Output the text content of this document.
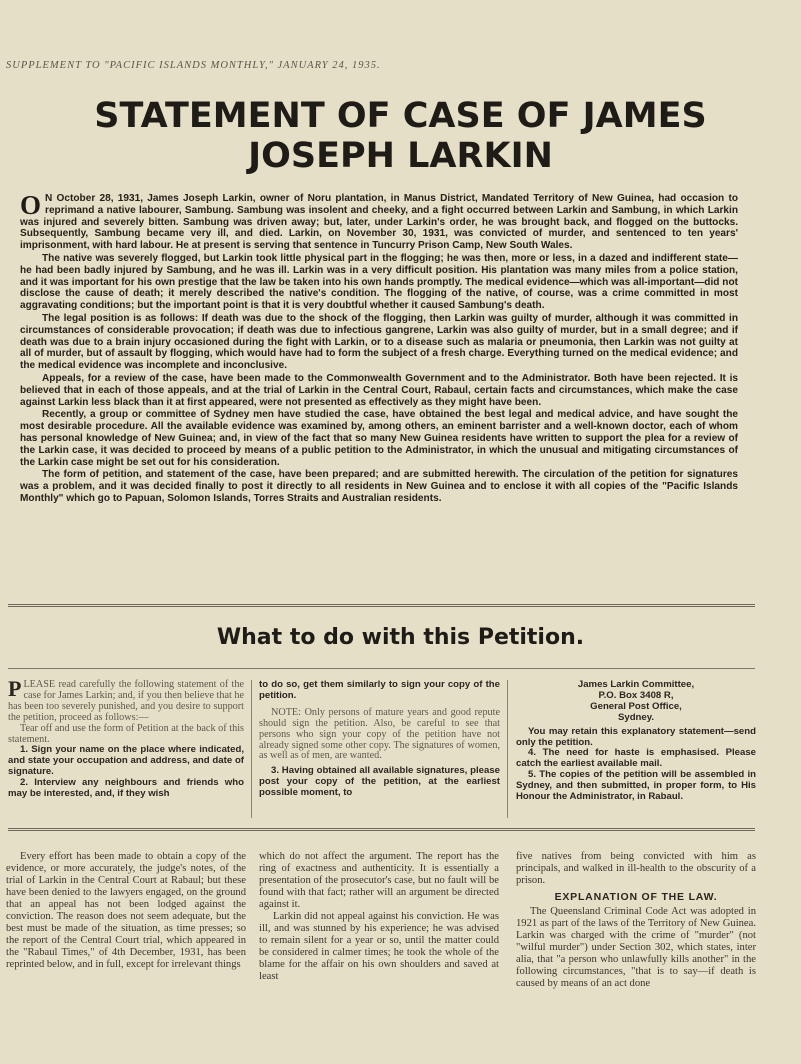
SUPPLEMENT TO "PACIFIC ISLANDS MONTHLY," JANUARY 24, 1935.
STATEMENT OF CASE OF JAMES
JOSEPH LARKIN

O N October 28, 1931, James Joseph Larkin, owner of Noru plantation, in Manus District, Mandated Territory of New Guinea, had occasion to reprimand a native labourer, Sambung. Sambung was insolent and cheeky, and a fight occurred between Larkin and Sambung, in which Larkin was injured and severely bitten. Sambung was driven away; but, later, under Larkin's order, he was brought back, and flogged on the buttocks. Subsequently, Sambung became very ill, and died. Larkin, on November 30, 1931, was convicted of murder, and sentenced to ten years' imprisonment, with hard labour. He at present is serving that sentence in Tuncurry Prison Camp, New South Wales.

The native was severely flogged, but Larkin took little physical part in the flogging; he was then, more or less, in a dazed and indifferent state—he had been badly injured by Sambung, and he was ill. Larkin was in a very difficult position. His plantation was many miles from a police station, and it was important for his own prestige that the law be taken into his own hands promptly. The medical evidence—which was all-important—did not disclose the cause of death; it merely described the native's condition. The flogging of the native, of course, was a crime committed in most aggravating conditions; but the important point is that it is very doubtful whether it caused Sambung's death.

The legal position is as follows: If death was due to the shock of the flogging, then Larkin was guilty of murder, although it was committed in circumstances of considerable provocation; if death was due to infectious gangrene, Larkin was also guilty of murder, but in a small degree; and if death was due to a brain injury occasioned during the fight with Larkin, or to a disease such as malaria or pneumonia, then Larkin was not guilty at all of murder, but of assault by flogging, which would have had to form the subject of a fresh charge. Everything turned on the medical evidence; and the medical evidence was incomplete and inconclusive.

Appeals, for a review of the case, have been made to the Commonwealth Government and to the Administrator. Both have been rejected. It is believed that in each of those appeals, and at the trial of Larkin in the Central Court, Rabaul, certain facts and circumstances, which make the case against Larkin less black than it at first appeared, were not presented as effectively as they might have been.

Recently, a group or committee of Sydney men have studied the case, have obtained the best legal and medical advice, and have sought the most desirable procedure. All the available evidence was examined by, among others, an eminent barrister and a well-known doctor, each of whom has personal knowledge of New Guinea; and, in view of the fact that so many New Guinea residents have written to support the plea for a review of the Larkin case, it was decided to proceed by means of a public petition to the Administrator, in which the unusual and mitigating circumstances of the Larkin case might be set out for his consideration.

The form of petition, and statement of the case, have been prepared; and are submitted herewith. The circulation of the petition for signatures was a problem, and it was decided finally to post it directly to all residents in New Guinea and to enclose it with all copies of the "Pacific Islands Monthly" which go to Papuan, Solomon Islands, Torres Straits and Australian residents.

What to do with this Petition.

PLEASE read carefully the following statement of the case for James Larkin; and, if you then believe that he has been too severely punished, and you desire to support the petition, proceed as follows:—

Tear off and use the form of Petition at the back of this statement.

1. Sign your name on the place where indicated, and state your occupation and address, and date of signature.

2. Interview any neighbours and friends who may be interested, and, if they wish

to do so, get them similarly to sign your copy of the petition.

NOTE: Only persons of mature years and good repute should sign the petition. Also, be careful to see that persons who sign your copy of the petition have not already signed some other copy. The signatures of women, as well as of men, are wanted.

3. Having obtained all available signatures, please post your copy of the petition, at the earliest possible moment, to

James Larkin Committee,

P.O. Box 3408 R,

General Post Office,

Sydney.

You may retain this explanatory statement—send only the petition.

4. The need for haste is emphasised. Please catch the earliest available mail.

5. The copies of the petition will be assembled in Sydney, and then submitted, in proper form, to His Honour the Administrator, in Rabaul.

Every effort has been made to obtain a copy of the evidence, or more accurately, the judge's notes, of the trial of Larkin in the Central Court at Rabaul; but these have been denied to the lawyers engaged, on the ground that an appeal has not been lodged against the conviction. The reason does not seem adequate, but the best must be made of the situation, as time presses; so the report of the Central Court trial, which appeared in the "Rabaul Times," of 4th December, 1931, has been reprinted below, and in full, except for irrelevant things

which do not affect the argument. The report has the ring of exactness and authenticity. It is essentially a presentation of the prosecutor's case, but no fault will be found with that fact; rather will an argument be directed against it.

Larkin did not appeal against his conviction. He was ill, and was stunned by his experience; he was advised to remain silent for a year or so, until the matter could be considered in calmer times; he took the whole of the blame for the affair on his own shoulders and saved at least

five natives from being convicted with him as principals, and walked in ill-health to the obscurity of a prison.

EXPLANATION OF THE LAW.

The Queensland Criminal Code Act was adopted in 1921 as part of the laws of the Territory of New Guinea. Larkin was charged with the crime of "murder" (not "wilful murder") under Section 302, which states, inter alia, that "a person who unlawfully kills another" in the following circumstances, "that is to say—if death is caused by means of an act done
